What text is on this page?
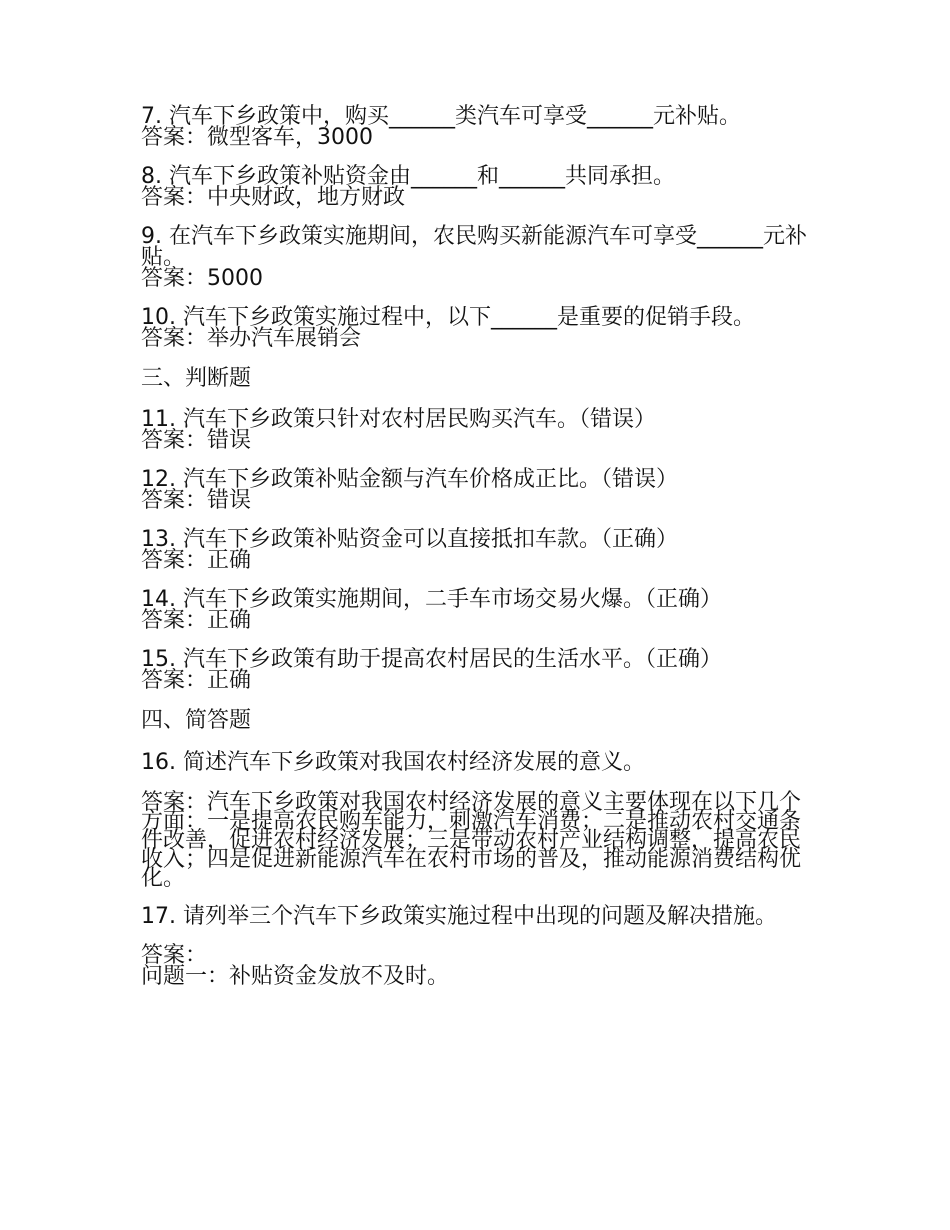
7. 汽车下乡政策中，购买______类汽车可享受______元补贴。

答案：微型客车，3000

8. 汽车下乡政策补贴资金由______和______共同承担。

答案：中央财政，地方财政

9. 在汽车下乡政策实施期间，农民购买新能源汽车可享受______元补贴。

答案：5000

10. 汽车下乡政策实施过程中，以下______是重要的促销手段。

答案：举办汽车展销会

三、判断题

11. 汽车下乡政策只针对农村居民购买汽车。（错误）

答案：错误

12. 汽车下乡政策补贴金额与汽车价格成正比。（错误）

答案：错误

13. 汽车下乡政策补贴资金可以直接抵扣车款。（正确）

答案：正确

14. 汽车下乡政策实施期间，二手车市场交易火爆。（正确）

答案：正确

15. 汽车下乡政策有助于提高农村居民的生活水平。（正确）

答案：正确

四、简答题

16. 简述汽车下乡政策对我国农村经济发展的意义。

答案：汽车下乡政策对我国农村经济发展的意义主要体现在以下几个方面：一是提高农民购车能力，刺激汽车消费；二是推动农村交通条件改善，促进农村经济发展；三是带动农村产业结构调整，提高农民收入；四是促进新能源汽车在农村市场的普及，推动能源消费结构优化。

17. 请列举三个汽车下乡政策实施过程中出现的问题及解决措施。

答案：

问题一：补贴资金发放不及时。
